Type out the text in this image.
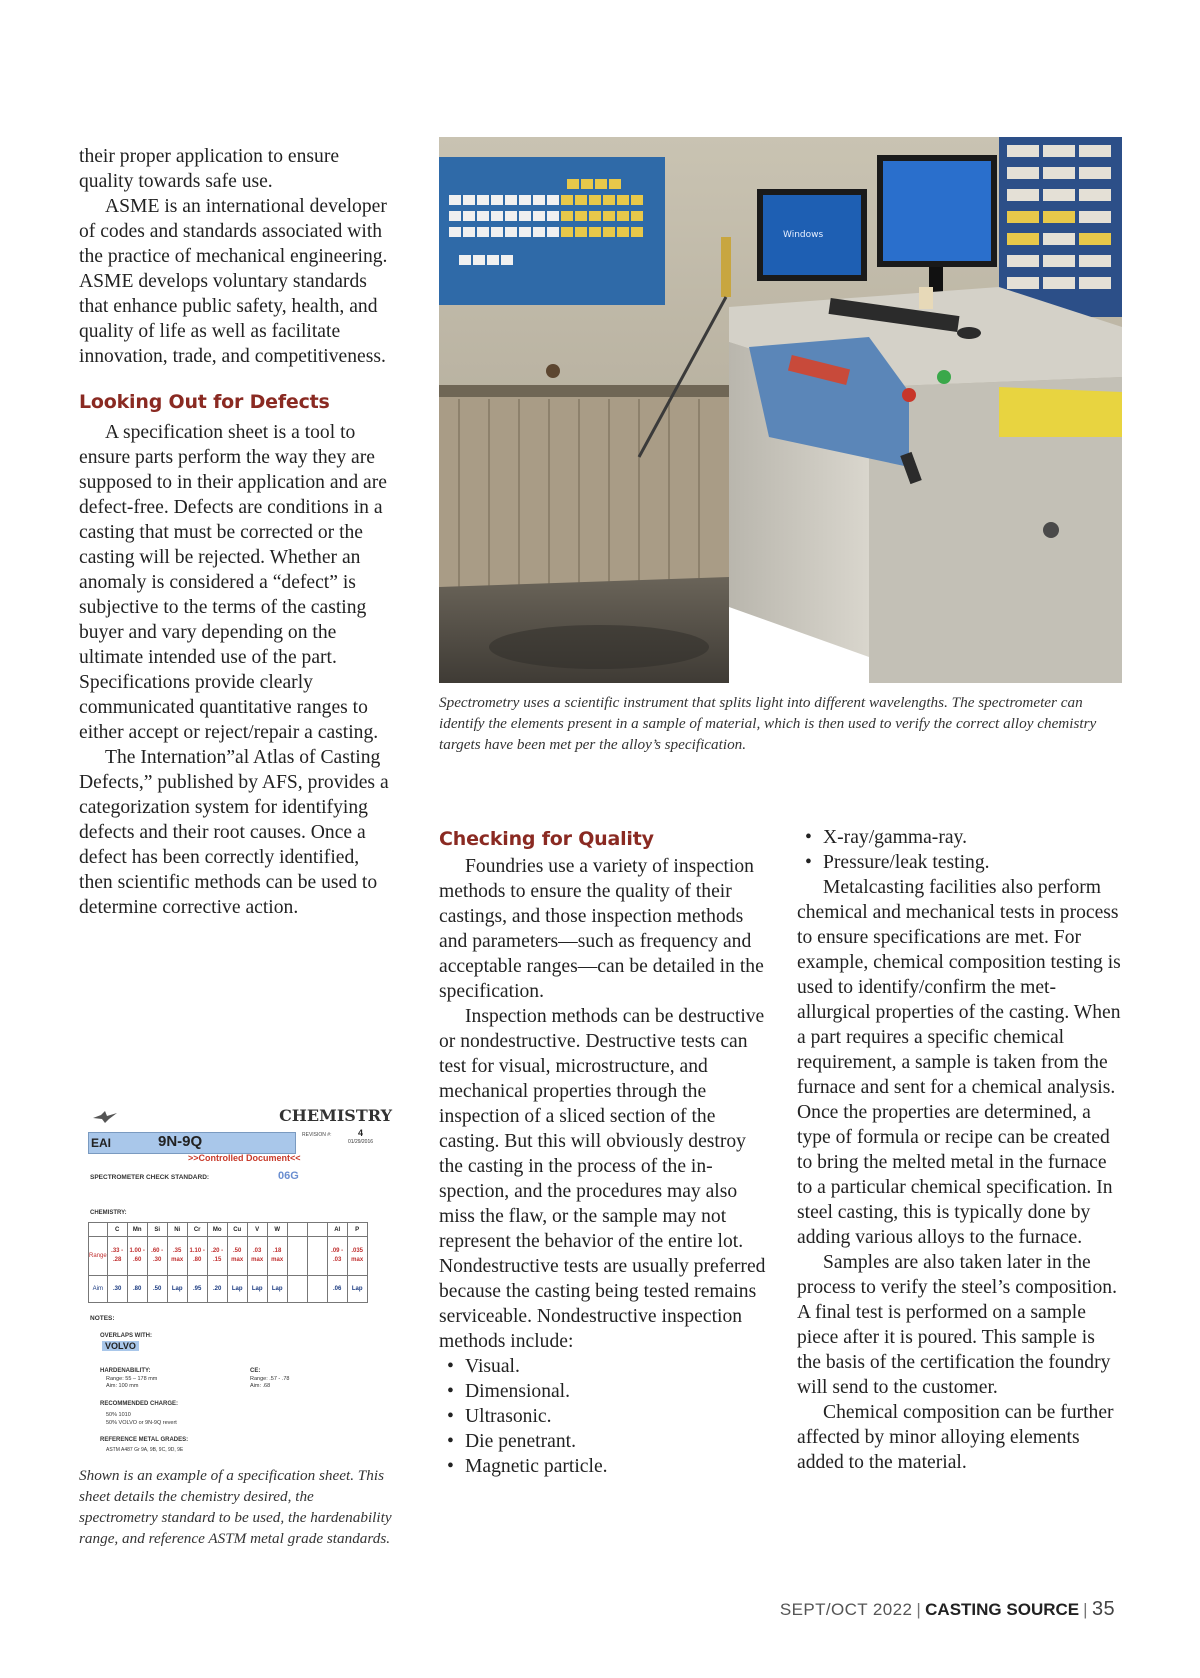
their proper application to ensure quality towards safe use.

ASME is an international developer of codes and standards associated with the practice of mechanical engineering. ASME develops voluntary standards that enhance public safety, health, and quality of life as well as facilitate innovation, trade, and competitiveness.

Looking Out for Defects

A specification sheet is a tool to ensure parts perform the way they are supposed to in their application and are defect-free. Defects are conditions in a casting that must be corrected or the casting will be rejected. Whether an anomaly is considered a “defect” is subjective to the terms of the casting buyer and vary depending on the ultimate intended use of the part. Specifications provide clearly communicated quantitative ranges to either accept or reject/repair a casting.

The Internation”al Atlas of Casting Defects,” published by AFS, provides a categorization system for identifying defects and their root causes. Once a defect has been correctly identified, then scientific methods can be used to determine corrective action.

CHEMISTRY
EAI	9N-9Q	REVISION #:	4
01/29/2016
>>Controlled Document<<
SPECTROMETER CHECK STANDARD:	06G
CHEMISTRY:
	C	Mn	Si	Ni	Cr	Mo	Cu	V	W			Al	P
Range	.33 - .28	1.00 - .60	.60 - .30	.35 max	1.10 - .80	.20 - .15	.50 max	.03 max	.18 max			.09 - .03	.035 max
Aim	.30	.80	.50	Lap	.95	.20	Lap	Lap	Lap			.06	Lap
NOTES:
OVERLAPS WITH:
VOLVO
HARDENABILITY:
Range: 55 – 178 mm
Aim: 100 mm
CE:
Range: .57 - .78
Aim: .68
RECOMMENDED CHARGE:
50% 1010
50% VOLVO or 9N-9Q revert
REFERENCE METAL GRADES:
ASTM A487 Gr 9A, 9B, 9C, 9D, 9E

Shown is an example of a specification sheet. This sheet details the chemistry desired, the spectrometry standard to be used, the hardenability range, and reference ASTM metal grade standards.

Windows

Spectrometry uses a scientific instrument that splits light into different wavelengths. The spectrometer can identify the elements present in a sample of material, which is then used to verify the correct alloy chemistry targets have been met per the alloy’s specification.

Checking for Quality

Foundries use a variety of inspection methods to ensure the quality of their castings, and those inspection methods and parameters—such as frequency and acceptable ranges—can be detailed in the specification.

Inspection methods can be destructive or nondestructive. Destructive tests can test for visual, microstructure, and mechanical properties through the inspection of a sliced section of the casting. But this will obviously destroy the casting in the process of the inspection, and the procedures may also miss the flaw, or the sample may not represent the behavior of the entire lot. Nondestructive tests are usually preferred because the casting being tested remains serviceable. Nondestructive inspection methods include:

• Visual.
• Dimensional.
• Ultrasonic.
• Die penetrant.
• Magnetic particle.
• X-ray/gamma-ray.
• Pressure/leak testing.

Metalcasting facilities also perform chemical and mechanical tests in process to ensure specifications are met. For example, chemical composition testing is used to identify/confirm the metallurgical properties of the casting. When a part requires a specific chemical requirement, a sample is taken from the furnace and sent for a chemical analysis. Once the properties are determined, a type of formula or recipe can be created to bring the melted metal in the furnace to a particular chemical specification. In steel casting, this is typically done by adding various alloys to the furnace.

Samples are also taken later in the process to verify the steel’s composition. A final test is performed on a sample piece after it is poured. This sample is the basis of the certification the foundry will send to the customer.

Chemical composition can be further affected by minor alloying elements added to the material.

SEPT/OCT 2022 | CASTING SOURCE | 35
